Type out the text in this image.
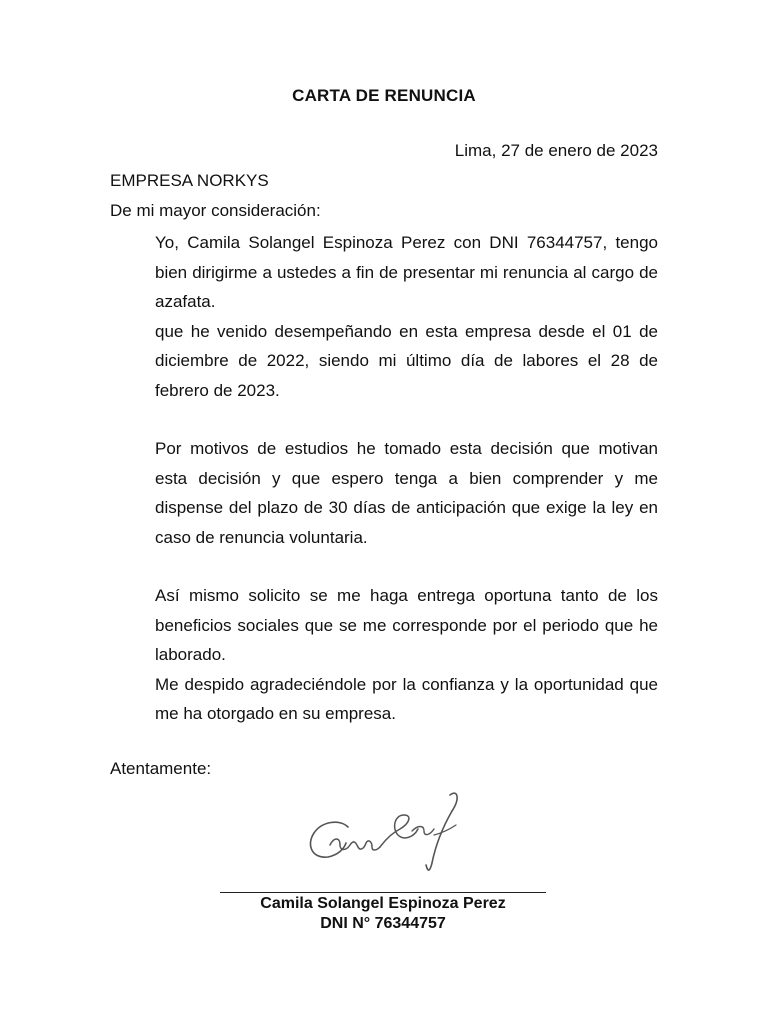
CARTA DE RENUNCIA
Lima, 27 de enero de 2023
EMPRESA NORKYS
De mi mayor consideración:

Yo, Camila Solangel Espinoza Perez con DNI 76344757, tengo bien dirigirme a ustedes a fin de presentar mi renuncia al cargo de azafata.

que he venido desempeñando en esta empresa desde el 01 de diciembre de 2022, siendo mi último día de labores el 28 de febrero de 2023.

Por motivos de estudios he tomado esta decisión que motivan esta decisión y que espero tenga a bien comprender y me dispense del plazo de 30 días de anticipación que exige la ley en caso de renuncia voluntaria.

Así mismo solicito se me haga entrega oportuna tanto de los beneficios sociales que se me corresponde por el periodo que he laborado.

Me despido agradeciéndole por la confianza y la oportunidad que me ha otorgado en su empresa.

Atentamente:
Camila Solangel Espinoza Perez
DNI N° 76344757
